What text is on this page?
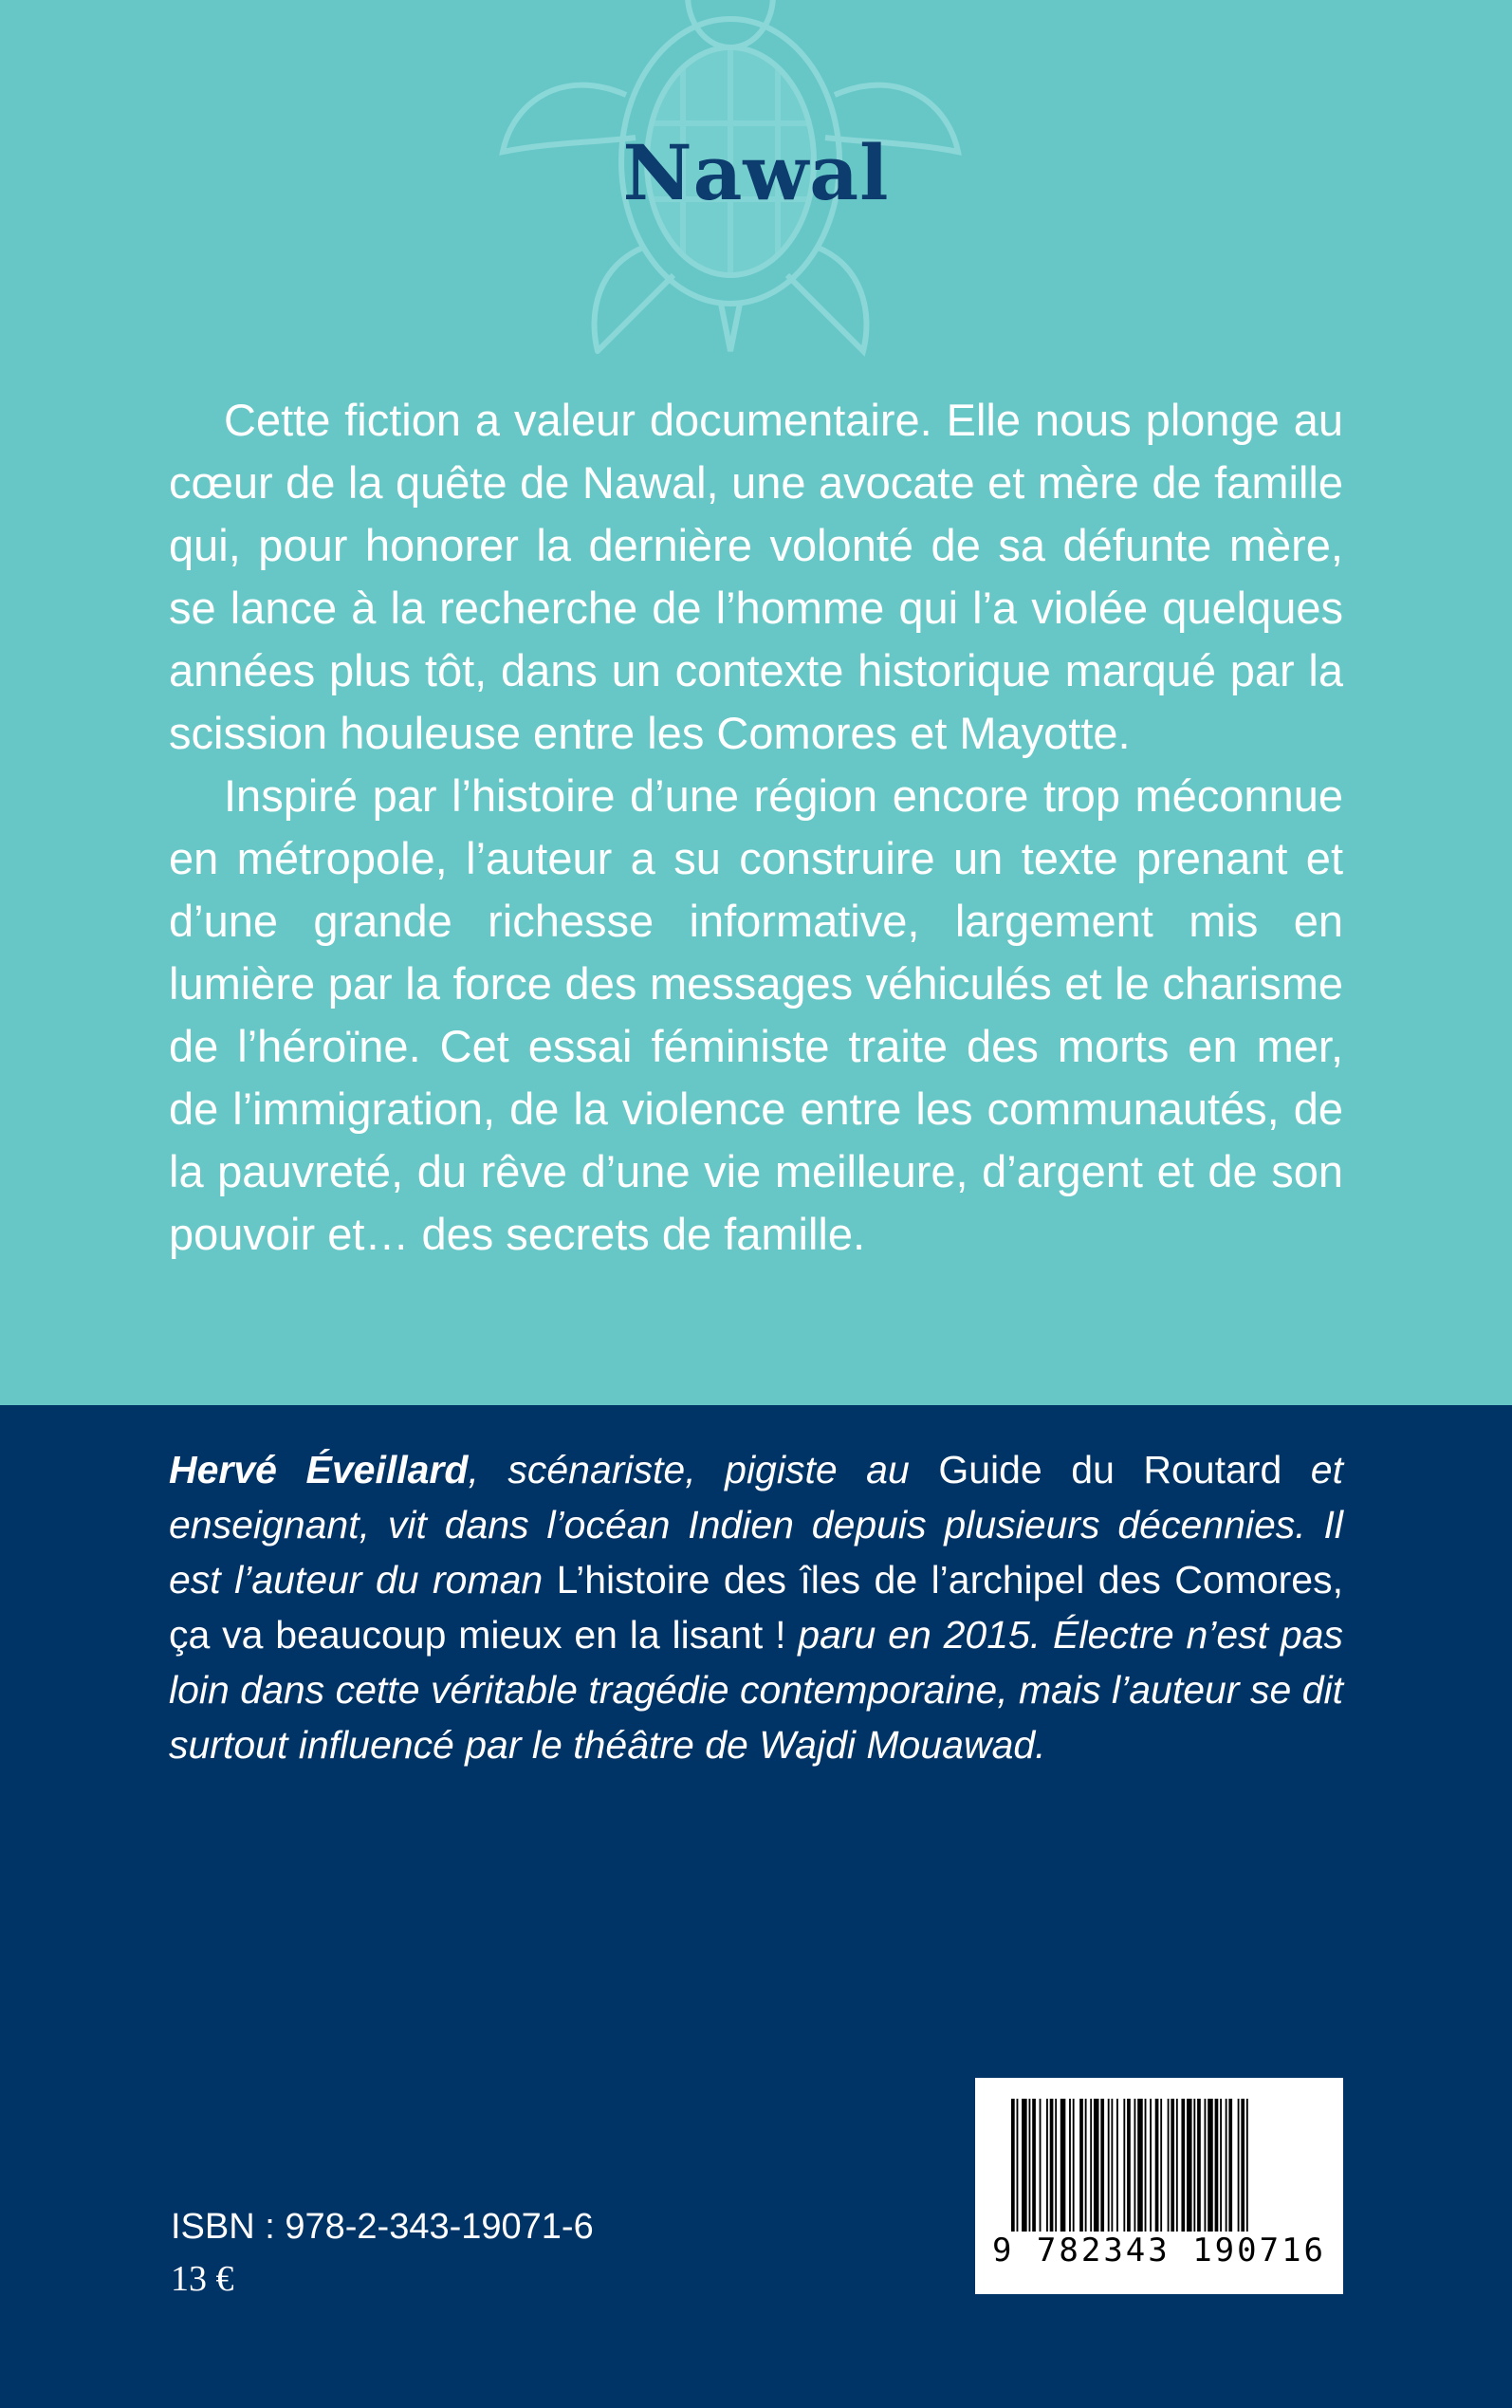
Nawal

Cette fiction a valeur documentaire. Elle nous plonge au cœur de la quête de Nawal, une avocate et mère de famille qui, pour honorer la dernière volonté de sa défunte mère, se lance à la recherche de l’homme qui l’a violée quelques années plus tôt, dans un contexte historique marqué par la scission houleuse entre les Comores et Mayotte.

Inspiré par l’histoire d’une région encore trop méconnue en métropole, l’auteur a su construire un texte prenant et d’une grande richesse informative, largement mis en lumière par la force des messages véhiculés et le charisme de l’héroïne. Cet essai féministe traite des morts en mer, de l’immigration, de la violence entre les communautés, de la pauvreté, du rêve d’une vie meilleure, d’argent et de son pouvoir et… des secrets de famille.

Hervé Éveillard, scénariste, pigiste au Guide du Routard et enseignant, vit dans l’océan Indien depuis plusieurs décennies. Il est l’auteur du roman L’histoire des îles de l’archipel des Comores, ça va beaucoup mieux en la lisant ! paru en 2015. Électre n’est pas loin dans cette véritable tragédie contemporaine, mais l’auteur se dit surtout influencé par le théâtre de Wajdi Mouawad.
ISBN : 978-2-343-19071-6
13 €
9 782343 190716
